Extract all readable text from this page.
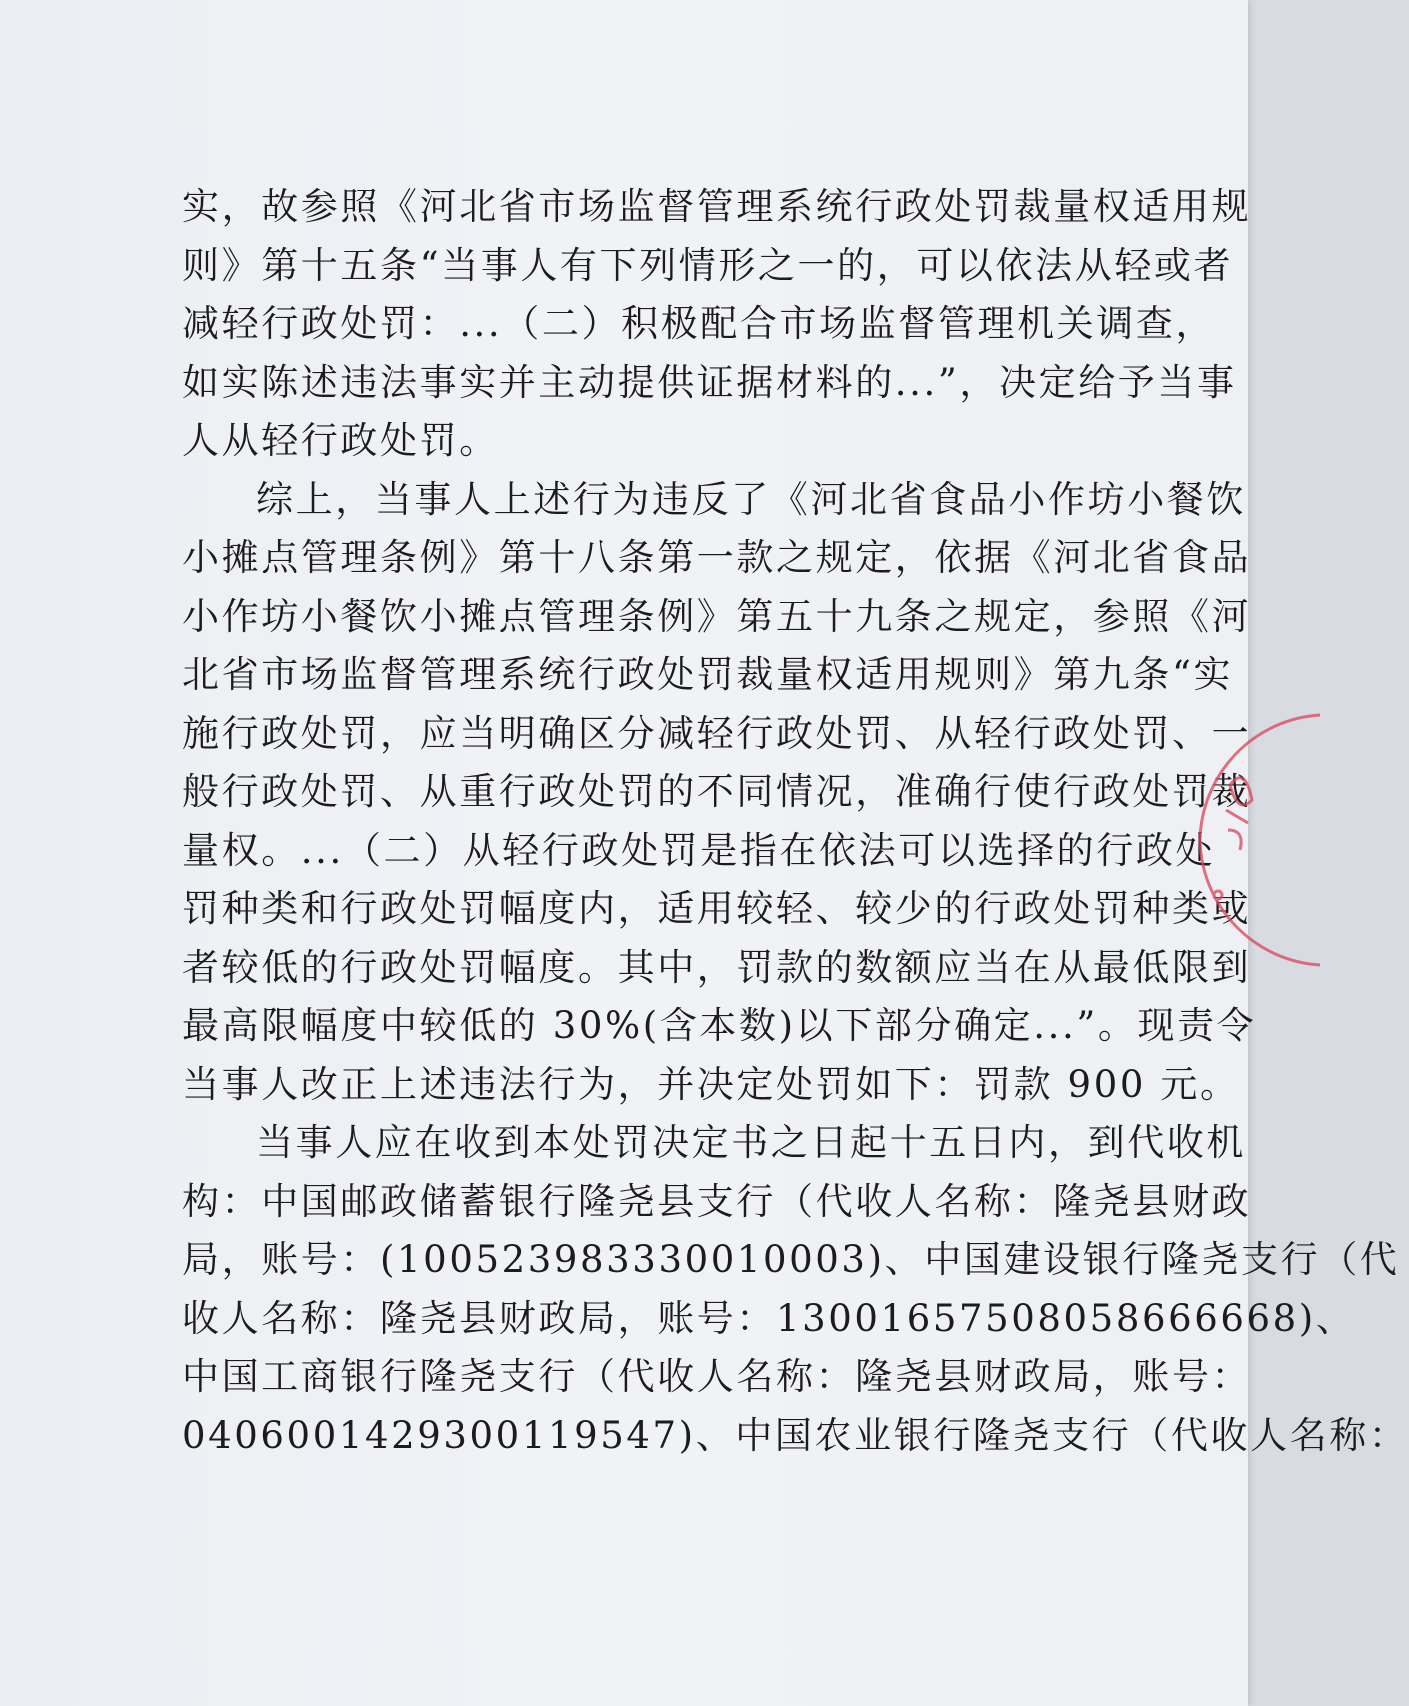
实，故参照《河北省市场监督管理系统行政处罚裁量权适用规
则》第十五条“当事人有下列情形之一的，可以依法从轻或者
减轻行政处罚：...（二）积极配合市场监督管理机关调查，
如实陈述违法事实并主动提供证据材料的...”，决定给予当事
人从轻行政处罚。
综上，当事人上述行为违反了《河北省食品小作坊小餐饮
小摊点管理条例》第十八条第一款之规定，依据《河北省食品
小作坊小餐饮小摊点管理条例》第五十九条之规定，参照《河
北省市场监督管理系统行政处罚裁量权适用规则》第九条“实
施行政处罚，应当明确区分减轻行政处罚、从轻行政处罚、一
般行政处罚、从重行政处罚的不同情况，准确行使行政处罚裁
量权。...（二）从轻行政处罚是指在依法可以选择的行政处
罚种类和行政处罚幅度内，适用较轻、较少的行政处罚种类或
者较低的行政处罚幅度。其中，罚款的数额应当在从最低限到
最高限幅度中较低的 30%(含本数)以下部分确定...”。现责令
当事人改正上述违法行为，并决定处罚如下：罚款 900 元。
当事人应在收到本处罚决定书之日起十五日内，到代收机
构：中国邮政储蓄银行隆尧县支行（代收人名称：隆尧县财政
局，账号：(100523983330010003)、中国建设银行隆尧支行（代
收人名称：隆尧县财政局，账号：13001657508058666668)、
中国工商银行隆尧支行（代收人名称：隆尧县财政局，账号：
0406001429300119547)、中国农业银行隆尧支行（代收人名称：
